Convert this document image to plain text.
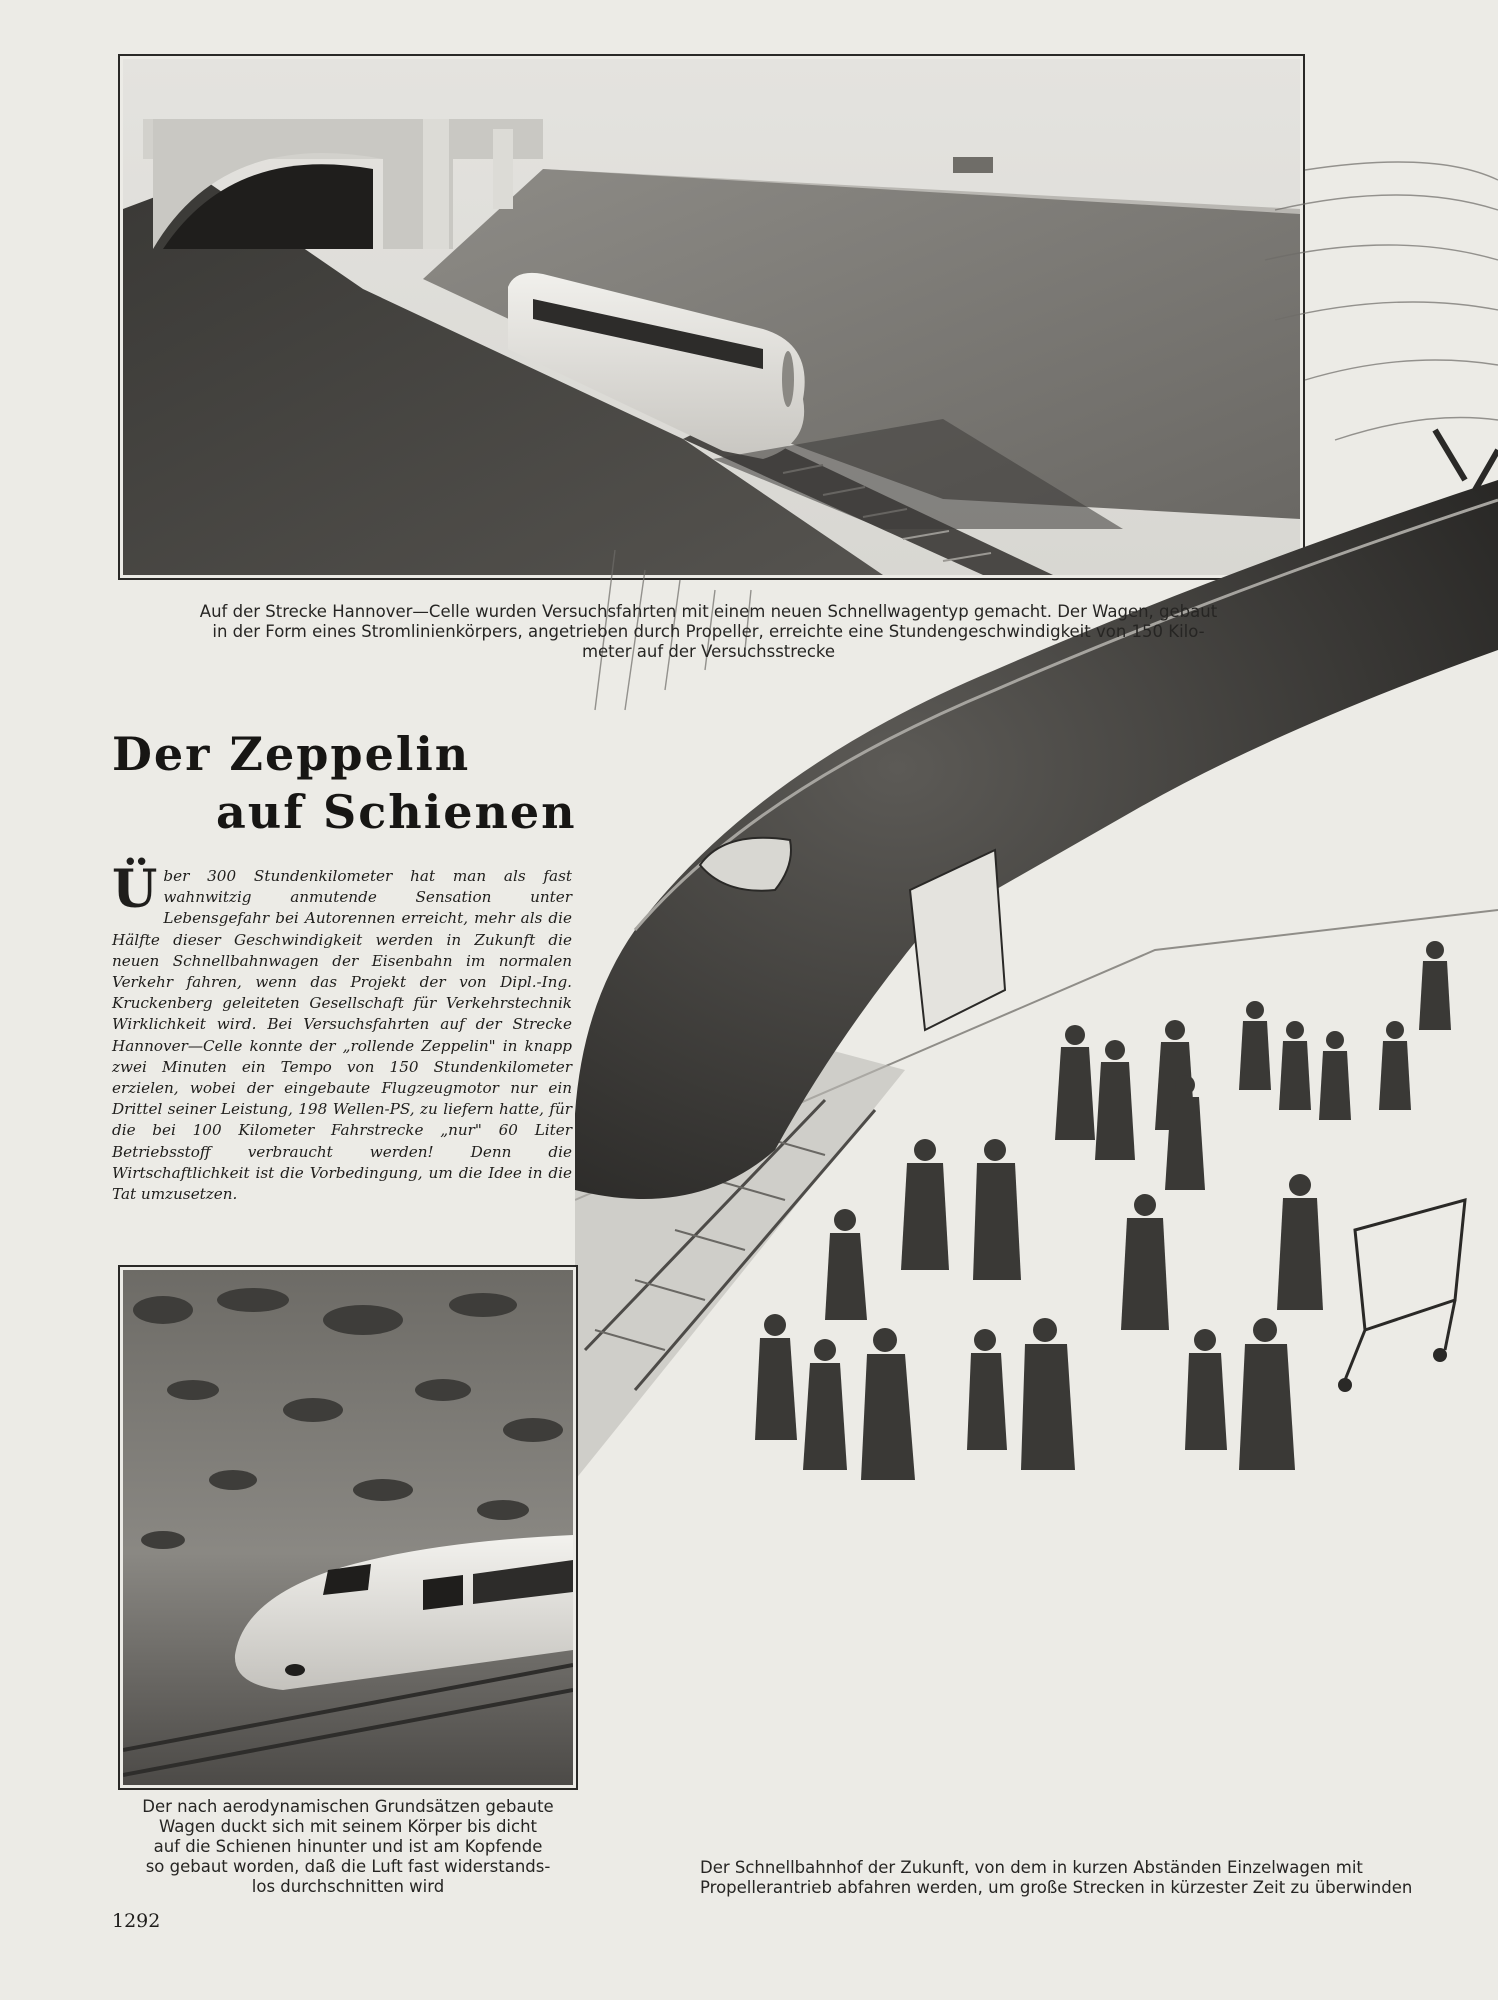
Auf der Strecke Hannover—Celle wurden Versuchsfahrten mit einem neuen Schnellwagentyp gemacht. Der Wagen, gebaut
in der Form eines Stromlinienkörpers, angetrieben durch Propeller, erreichte eine Stundengeschwindigkeit von 150 Kilo-
meter auf der Versuchsstrecke
Der Zeppelin
auf Schienen
Über 300 Stundenkilometer hat man als fast wahnwitzig anmutende Sensation unter Lebensgefahr bei Autorennen erreicht, mehr als die Hälfte dieser Geschwindigkeit werden in Zukunft die neuen Schnellbahnwagen der Eisenbahn im normalen Verkehr fahren, wenn das Projekt der von Dipl.-Ing. Kruckenberg geleiteten Gesellschaft für Verkehrstechnik Wirklichkeit wird. Bei Versuchsfahrten auf der Strecke Hannover—Celle konnte der „rollende Zeppelin" in knapp zwei Minuten ein Tempo von 150 Stundenkilometer erzielen, wobei der eingebaute Flugzeugmotor nur ein Drittel seiner Leistung, 198 Wellen-PS, zu liefern hatte, für die bei 100 Kilometer Fahrstrecke „nur" 60 Liter Betriebsstoff verbraucht werden! Denn die Wirtschaftlichkeit ist die Vorbedingung, um die Idee in die Tat umzusetzen.
Der nach aerodynamischen Grundsätzen gebaute
Wagen duckt sich mit seinem Körper bis dicht
auf die Schienen hinunter und ist am Kopfende
so gebaut worden, daß die Luft fast widerstands-
los durchschnitten wird
Der Schnellbahnhof der Zukunft, von dem in kurzen Abständen Einzelwagen mit
Propellerantrieb abfahren werden, um große Strecken in kürzester Zeit zu überwinden
1292
